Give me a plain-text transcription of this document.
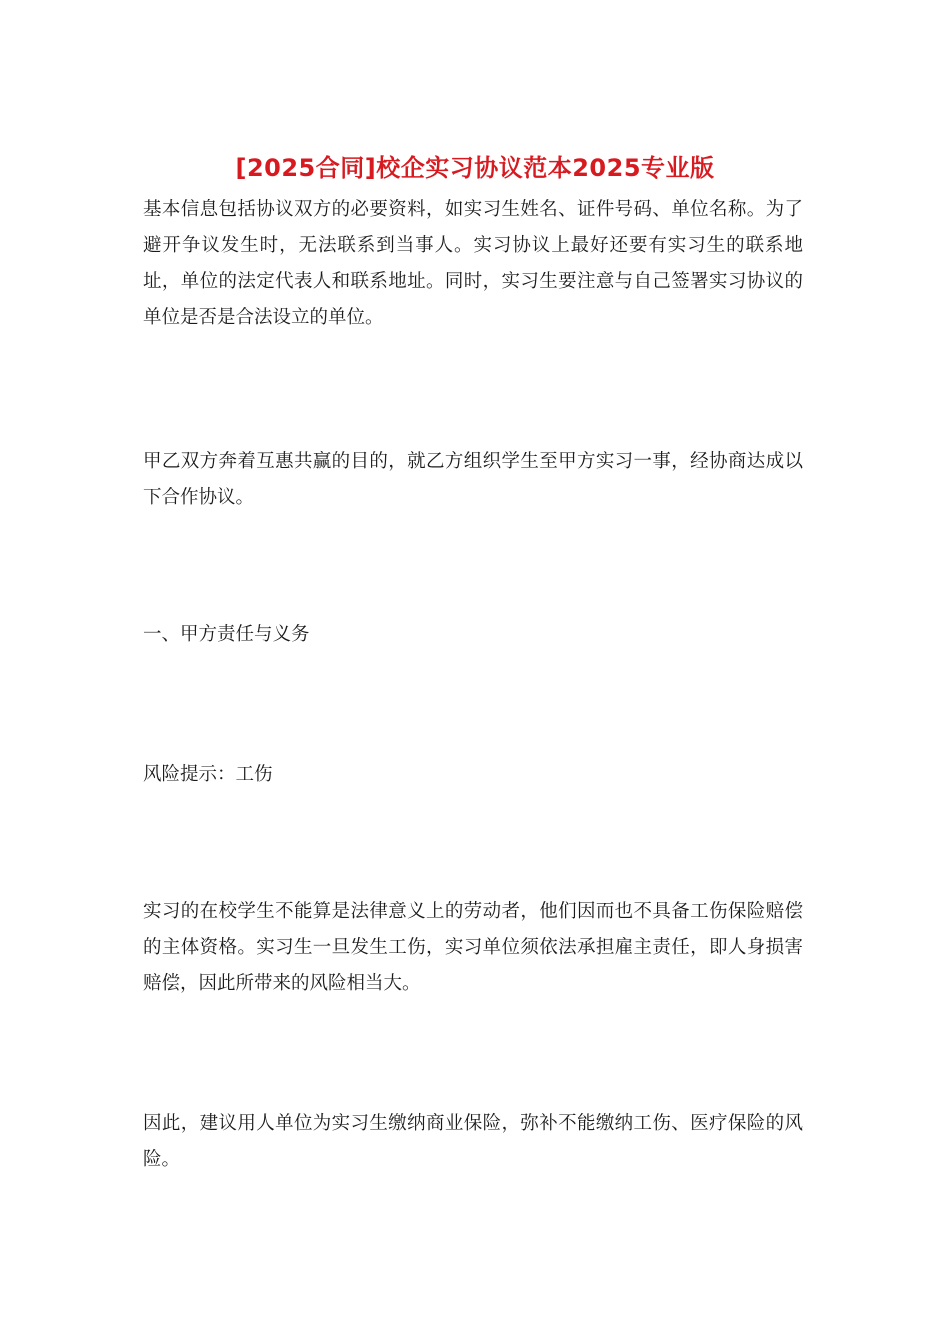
[2025合同]校企实习协议范本2025专业版

基本信息包括协议双方的必要资料，如实习生姓名、证件号码、单位名称。为了避开争议发生时，无法联系到当事人。实习协议上最好还要有实习生的联系地址，单位的法定代表人和联系地址。同时，实习生要注意与自己签署实习协议的单位是否是合法设立的单位。

甲乙双方奔着互惠共赢的目的，就乙方组织学生至甲方实习一事，经协商达成以下合作协议。

一、甲方责任与义务

风险提示：工伤

实习的在校学生不能算是法律意义上的劳动者，他们因而也不具备工伤保险赔偿的主体资格。实习生一旦发生工伤，实习单位须依法承担雇主责任，即人身损害赔偿，因此所带来的风险相当大。

因此，建议用人单位为实习生缴纳商业保险，弥补不能缴纳工伤、医疗保险的风险。
